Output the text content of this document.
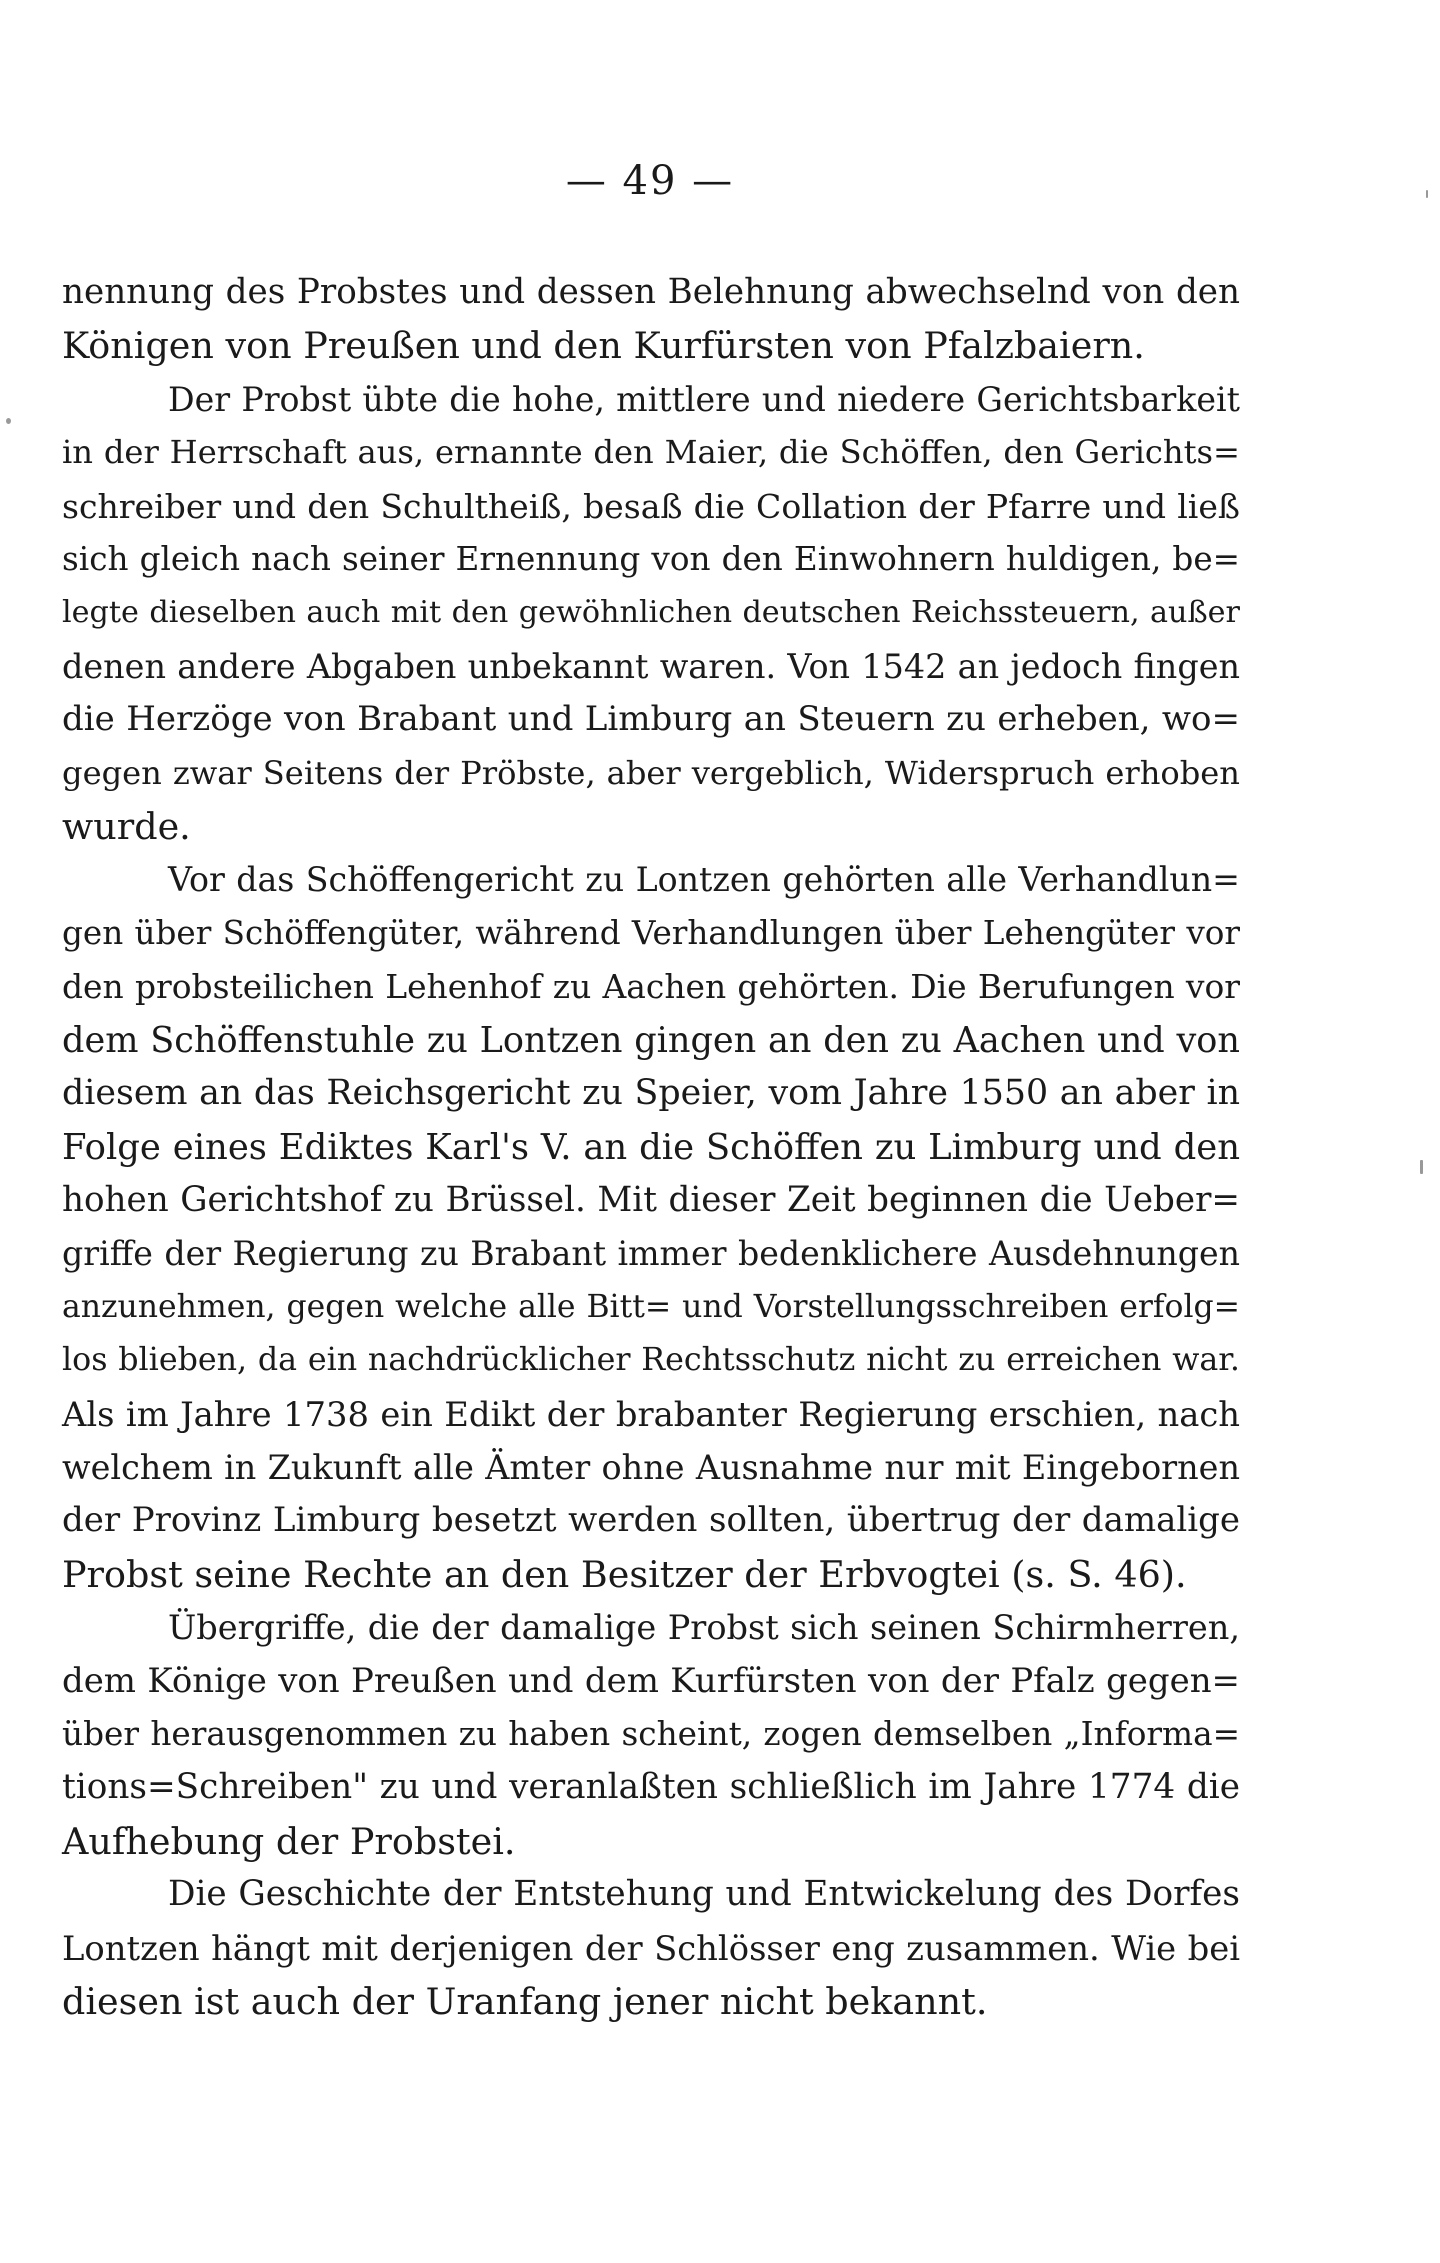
— 49 —

nennung des Probstes und dessen Belehnung abwechselnd von den
Königen von Preußen und den Kurfürsten von Pfalzbaiern.

Der Probst übte die hohe, mittlere und niedere Gerichtsbarkeit
in der Herrschaft aus, ernannte den Maier, die Schöffen, den Gerichts=
schreiber und den Schultheiß, besaß die Collation der Pfarre und ließ
sich gleich nach seiner Ernennung von den Einwohnern huldigen, be=
legte dieselben auch mit den gewöhnlichen deutschen Reichssteuern, außer
denen andere Abgaben unbekannt waren. Von 1542 an jedoch fingen
die Herzöge von Brabant und Limburg an Steuern zu erheben, wo=
gegen zwar Seitens der Pröbste, aber vergeblich, Widerspruch erhoben
wurde.

Vor das Schöffengericht zu Lontzen gehörten alle Verhandlun=
gen über Schöffengüter, während Verhandlungen über Lehengüter vor
den probsteilichen Lehenhof zu Aachen gehörten. Die Berufungen vor
dem Schöffenstuhle zu Lontzen gingen an den zu Aachen und von
diesem an das Reichsgericht zu Speier, vom Jahre 1550 an aber in
Folge eines Ediktes Karl's V. an die Schöffen zu Limburg und den
hohen Gerichtshof zu Brüssel. Mit dieser Zeit beginnen die Ueber=
griffe der Regierung zu Brabant immer bedenklichere Ausdehnungen
anzunehmen, gegen welche alle Bitt= und Vorstellungsschreiben erfolg=
los blieben, da ein nachdrücklicher Rechtsschutz nicht zu erreichen war.
Als im Jahre 1738 ein Edikt der brabanter Regierung erschien, nach
welchem in Zukunft alle Ämter ohne Ausnahme nur mit Eingebornen
der Provinz Limburg besetzt werden sollten, übertrug der damalige
Probst seine Rechte an den Besitzer der Erbvogtei (s. S. 46).

Übergriffe, die der damalige Probst sich seinen Schirmherren,
dem Könige von Preußen und dem Kurfürsten von der Pfalz gegen=
über herausgenommen zu haben scheint, zogen demselben „Informa=
tions=Schreiben" zu und veranlaßten schließlich im Jahre 1774 die
Aufhebung der Probstei.

Die Geschichte der Entstehung und Entwickelung des Dorfes
Lontzen hängt mit derjenigen der Schlösser eng zusammen. Wie bei
diesen ist auch der Uranfang jener nicht bekannt.
